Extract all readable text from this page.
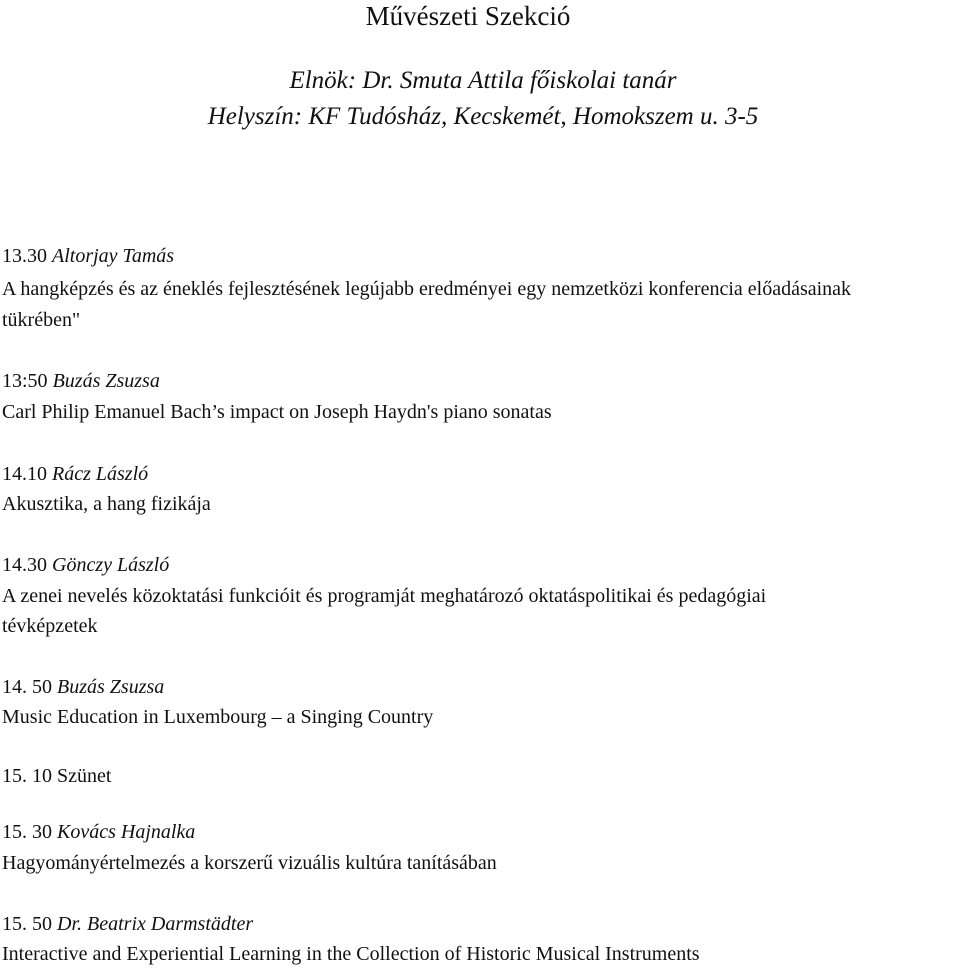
Művészeti Szekció
Elnök: Dr. Smuta Attila főiskolai tanár
Helyszín: KF Tudósház, Kecskemét, Homokszem u. 3-5
13.30 Altorjay Tamás
A hangképzés és az éneklés fejlesztésének legújabb eredményei egy nemzetközi konferencia előadásainak
tükrében"
13:50 Buzás Zsuzsa
Carl Philip Emanuel Bach’s impact on Joseph Haydn's piano sonatas
14.10 Rácz László
Akusztika, a hang fizikája
14.30 Gönczy László
A zenei nevelés közoktatási funkcióit és programját meghatározó oktatáspolitikai és pedagógiai
tévképzetek
14. 50 Buzás Zsuzsa
Music Education in Luxembourg – a Singing Country
15. 10 Szünet
15. 30 Kovács Hajnalka
Hagyományértelmezés a korszerű vizuális kultúra tanításában
15. 50 Dr. Beatrix Darmstädter
Interactive and Experiential Learning in the Collection of Historic Musical Instruments
